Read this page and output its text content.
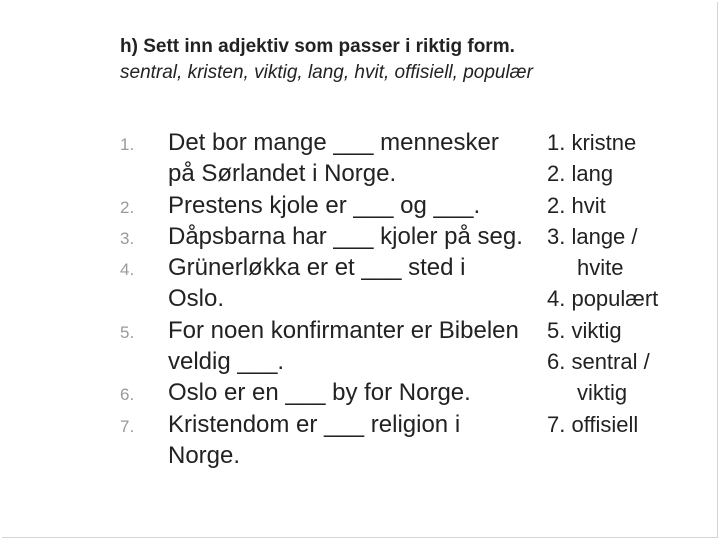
h) Sett inn adjektiv som passer i riktig form.
sentral, kristen, viktig, lang, hvit, offisiell, populær
1.	Det bor mange ___ mennesker
på Sørlandet i Norge.
2.	Prestens kjole er ___ og ___.
3.	Dåpsbarna har ___ kjoler på seg.
4.	Grünerløkka er et ___ sted i
Oslo.
5.	For noen konfirmanter er Bibelen
veldig ___.
6.	Oslo er en ___ by for Norge.
7.	Kristendom er ___ religion i
Norge.
1. kristne
2. lang
2. hvit
3. lange /
hvite
4. populært
5. viktig
6. sentral /
viktig
7. offisiell
